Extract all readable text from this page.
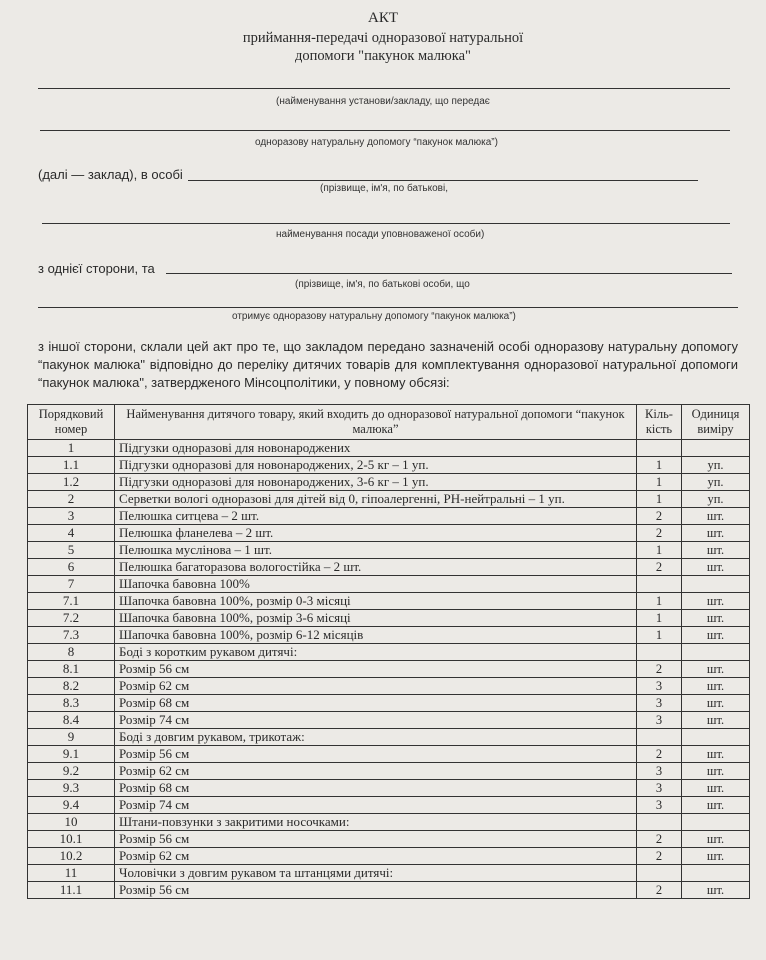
АКТ
приймання-передачі одноразової натуральної
допомоги "пакунок малюка"
(найменування установи/закладу, що передає
одноразову натуральну допомогу “пакунок малюка”)
(далі — заклад), в особі
(прізвище, ім'я, по батькові,
найменування посади уповноваженої особи)
з однієї сторони, та
(прізвище, ім'я, по батькові особи, що
отримує одноразову натуральну допомогу “пакунок малюка”)
з іншої сторони, склали цей акт про те, що закладом передано зазначеній особі одноразову натуральну допомогу “пакунок малюка" відповідно до переліку дитячих товарів для комплектування одноразової натуральної допомоги “пакунок малюка", затвердженого Мінсоцполітики, у повному обсязі:
Порядковий номер	Найменування дитячого товару, який входить до одноразової натуральної допомоги “пакунок малюка”	Кіль-кість	Одиниця виміру
1	Підгузки одноразові для новонароджених		
1.1	Підгузки одноразові для новонароджених, 2-5 кг – 1 уп.	1	уп.
1.2	Підгузки одноразові для новонароджених, 3-6 кг – 1 уп.	1	уп.
2	Серветки вологі одноразові для дітей від 0, гіпоалергенні, РН-нейтральні – 1 уп.	1	уп.
3	Пелюшка ситцева – 2 шт.	2	шт.
4	Пелюшка фланелева – 2 шт.	2	шт.
5	Пелюшка муслінова – 1 шт.	1	шт.
6	Пелюшка багаторазова вологостійка – 2 шт.	2	шт.
7	Шапочка бавовна 100%		
7.1	Шапочка бавовна 100%, розмір 0-3 місяці	1	шт.
7.2	Шапочка бавовна 100%, розмір 3-6 місяці	1	шт.
7.3	Шапочка бавовна 100%, розмір 6-12 місяців	1	шт.
8	Боді з коротким рукавом дитячі:		
8.1	Розмір 56 см	2	шт.
8.2	Розмір 62 см	3	шт.
8.3	Розмір 68 см	3	шт.
8.4	Розмір 74 см	3	шт.
9	Боді з довгим рукавом, трикотаж:		
9.1	Розмір 56 см	2	шт.
9.2	Розмір 62 см	3	шт.
9.3	Розмір 68 см	3	шт.
9.4	Розмір 74 см	3	шт.
10	Штани-повзунки з закритими носочками:		
10.1	Розмір 56 см	2	шт.
10.2	Розмір 62 см	2	шт.
11	Чоловічки з довгим рукавом та штанцями дитячі:		
11.1	Розмір 56 см	2	шт.
